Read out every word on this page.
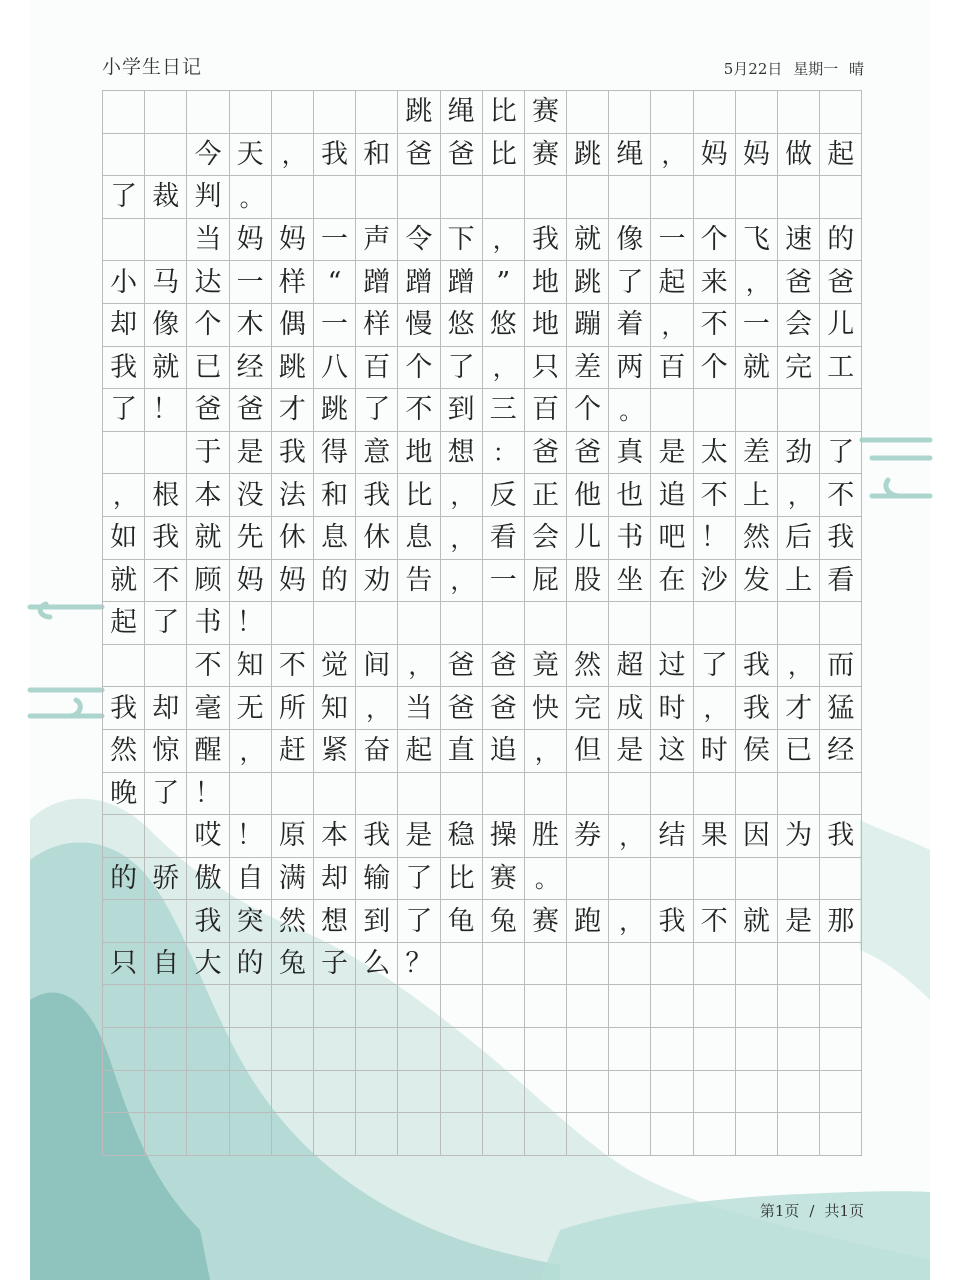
小学生日记	5月22日 星期一 晴
跳 绳 比 赛
今 天 ， 我 和 爸 爸 比 赛 跳 绳 ， 妈 妈 做 起
了 裁 判 。
当 妈 妈 一 声 令 下 ， 我 就 像 一 个 飞 速 的
小 马 达 一 样 “ 蹭 蹭 蹭 ” 地 跳 了 起 来 ， 爸 爸
却 像 个 木 偶 一 样 慢 悠 悠 地 蹦 着 ， 不 一 会 儿
我 就 已 经 跳 八 百 个 了 ， 只 差 两 百 个 就 完 工
了 ！ 爸 爸 才 跳 了 不 到 三 百 个 。
于 是 我 得 意 地 想 ： 爸 爸 真 是 太 差 劲 了
， 根 本 没 法 和 我 比 ， 反 正 他 也 追 不 上 ， 不
如 我 就 先 休 息 休 息 ， 看 会 儿 书 吧 ！ 然 后 我
就 不 顾 妈 妈 的 劝 告 ， 一 屁 股 坐 在 沙 发 上 看
起 了 书 ！
不 知 不 觉 间 ， 爸 爸 竟 然 超 过 了 我 ， 而
我 却 毫 无 所 知 ， 当 爸 爸 快 完 成 时 ， 我 才 猛
然 惊 醒 ， 赶 紧 奋 起 直 追 ， 但 是 这 时 侯 已 经
晚 了 ！
哎 ！ 原 本 我 是 稳 操 胜 券 ， 结 果 因 为 我
的 骄 傲 自 满 却 输 了 比 赛 。
我 突 然 想 到 了 龟 兔 赛 跑 ， 我 不 就 是 那
只 自 大 的 兔 子 么 ？
第1页 / 共1页
